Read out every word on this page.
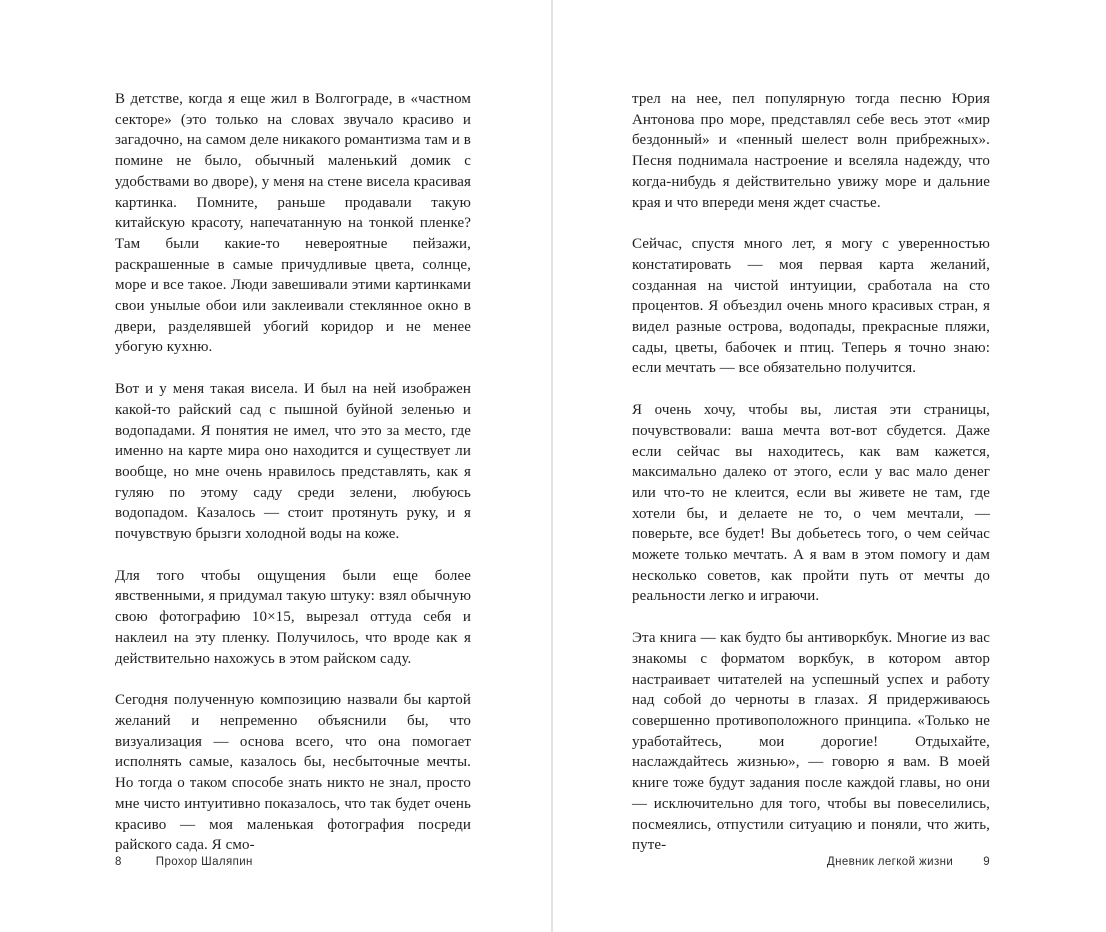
В детстве, когда я еще жил в Волгограде, в «частном секторе» (это только на словах звучало красиво и загадочно, на самом деле никакого романтизма там и в помине не было, обычный маленький домик с удобствами во дворе), у меня на стене висела красивая картинка. Помните, раньше продавали такую китайскую красоту, напечатанную на тонкой пленке? Там были какие-то невероятные пейзажи, раскрашенные в самые причудливые цвета, солнце, море и все такое. Люди завешивали этими картинками свои унылые обои или заклеивали стеклянное окно в двери, разделявшей убогий коридор и не менее убогую кухню.

Вот и у меня такая висела. И был на ней изображен какой-то райский сад с пышной буйной зеленью и водопадами. Я понятия не имел, что это за место, где именно на карте мира оно находится и существует ли вообще, но мне очень нравилось представлять, как я гуляю по этому саду среди зелени, любуюсь водопадом. Казалось — стоит протянуть руку, и я почувствую брызги холодной воды на коже.

Для того чтобы ощущения были еще более явственными, я придумал такую штуку: взял обычную свою фотографию 10×15, вырезал оттуда себя и наклеил на эту пленку. Получилось, что вроде как я действительно нахожусь в этом райском саду.

Сегодня полученную композицию назвали бы картой желаний и непременно объяснили бы, что визуализация — основа всего, что она помогает исполнять самые, казалось бы, несбыточные мечты. Но тогда о таком способе знать никто не знал, просто мне чисто интуитивно показалось, что так будет очень красиво — моя маленькая фотография посреди райского сада. Я смо-

8	Прохор Шаляпин

трел на нее, пел популярную тогда песню Юрия Антонова про море, представлял себе весь этот «мир бездонный» и «пенный шелест волн прибрежных». Песня поднимала настроение и вселяла надежду, что когда-нибудь я действительно увижу море и дальние края и что впереди меня ждет счастье.

Сейчас, спустя много лет, я могу с уверенностью констатировать — моя первая карта желаний, созданная на чистой интуиции, сработала на сто процентов. Я объездил очень много красивых стран, я видел разные острова, водопады, прекрасные пляжи, сады, цветы, бабочек и птиц. Теперь я точно знаю: если мечтать — все обязательно получится.

Я очень хочу, чтобы вы, листая эти страницы, почувствовали: ваша мечта вот-вот сбудется. Даже если сейчас вы находитесь, как вам кажется, максимально далеко от этого, если у вас мало денег или что-то не клеится, если вы живете не там, где хотели бы, и делаете не то, о чем мечтали, — поверьте, все будет! Вы добьетесь того, о чем сейчас можете только мечтать. А я вам в этом помогу и дам несколько советов, как пройти путь от мечты до реальности легко и играючи.

Эта книга — как будто бы антиворкбук. Многие из вас знакомы с форматом воркбук, в котором автор настраивает читателей на успешный успех и работу над собой до черноты в глазах. Я придерживаюсь совершенно противоположного принципа. «Только не уработайтесь, мои дорогие! Отдыхайте, наслаждайтесь жизнью», — говорю я вам. В моей книге тоже будут задания после каждой главы, но они — исключительно для того, чтобы вы повеселились, посмеялись, отпустили ситуацию и поняли, что жить, путе-

Дневник легкой жизни	9
